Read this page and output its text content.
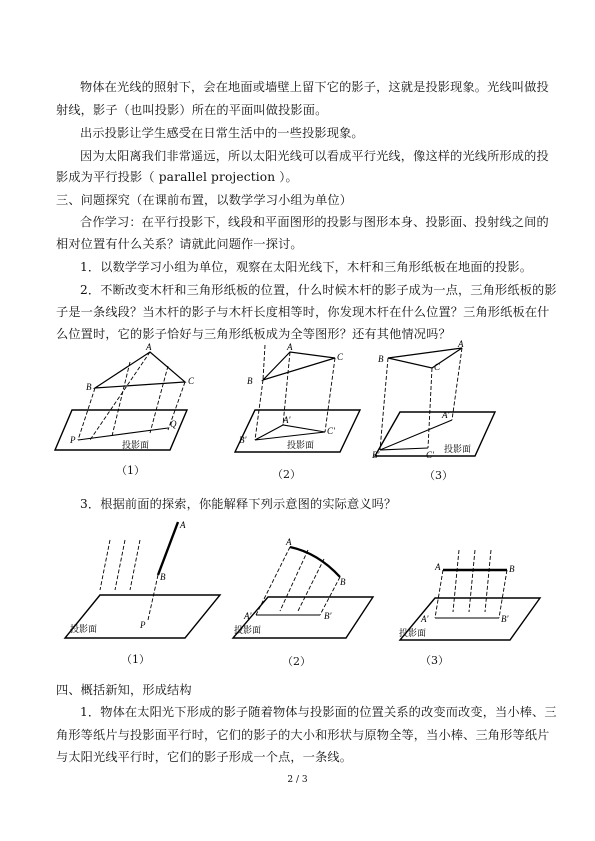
物体在光线的照射下，会在地面或墙壁上留下它的影子，这就是投影现象。光线叫做投
射线，影子（也叫投影）所在的平面叫做投影面。
出示投影让学生感受在日常生活中的一些投影现象。
因为太阳离我们非常遥远，所以太阳光线可以看成平行光线，像这样的光线所形成的投
影成为平行投影（ parallel projection ）。
三、问题探究（在课前布置，以数学学习小组为单位）
合作学习：在平行投影下，线段和平面图形的投影与图形本身、投影面、投射线之间的
相对位置有什么关系？请就此问题作一探讨。
1．以数学学习小组为单位，观察在太阳光线下，木杆和三角形纸板在地面的投影。
2．不断改变木杆和三角形纸板的位置，什么时候木杆的影子成为一点，三角形纸板的影
子是一条线段？当木杆的影子与木杆长度相等时，你发现木杆在什么位置？三角形纸板在什
么位置时，它的影子恰好与三角形纸板成为全等图形？还有其他情况吗？
A
B
C
P
Q
投影面
（1）
A
B
C
A'
B'
C'
投影面
（2）
A
B
C
A'
B'	C'
投影面
（3）
3．根据前面的探索，你能解释下列示意图的实际意义吗？
A
B
P
投影面
（1）
A
B
A'	B'
投影面
（2）
A	B
A'	B'
投影面
（3）
四、概括新知，形成结构
1．物体在太阳光下形成的影子随着物体与投影面的位置关系的改变而改变，当小棒、三
角形等纸片与投影面平行时，它们的影子的大小和形状与原物全等，当小棒、三角形等纸片
与太阳光线平行时，它们的影子形成一个点，一条线。
2 / 3
